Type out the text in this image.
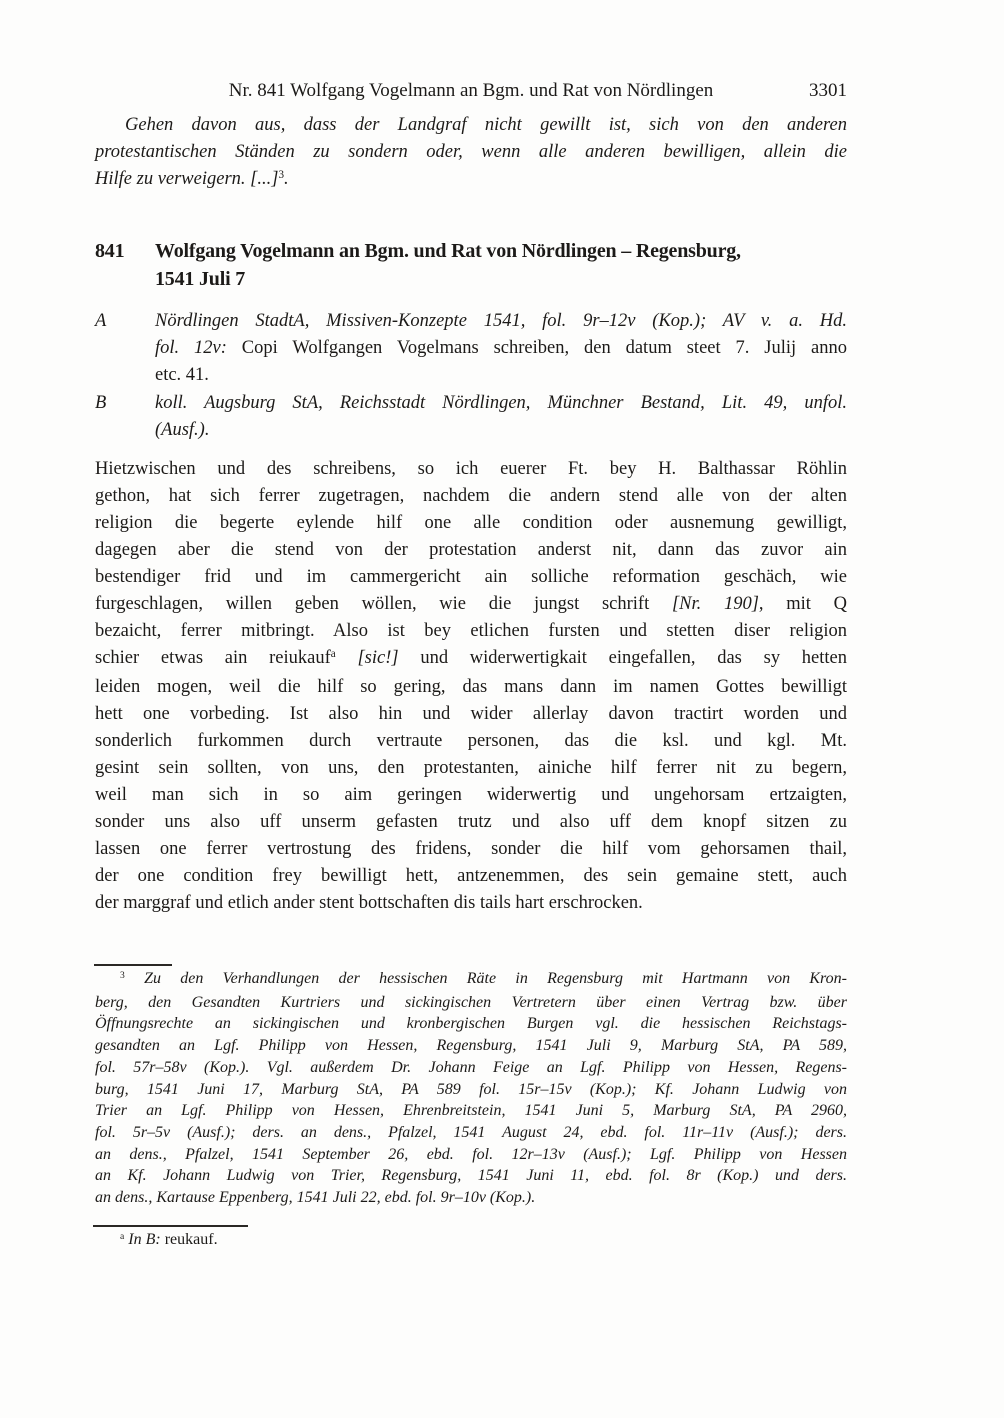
Nr. 841 Wolfgang Vogelmann an Bgm. und Rat von Nördlingen	3301
Gehen davon aus, dass der Landgraf nicht gewillt ist, sich von den anderen
protestantischen Ständen zu sondern oder, wenn alle anderen bewilligen, allein die
Hilfe zu verweigern. [...]$^3$.
841	Wolfgang Vogelmann an Bgm. und Rat von Nördlingen – Regensburg,
1541 Juli 7
A	Nördlingen StadtA, Missiven-Konzepte 1541, fol. 9r–12v (Kop.); AV v. a. Hd.
fol. 12v: Copi Wolfgangen Vogelmans schreiben, den datum steet 7. Julij anno
etc. 41.
B	koll. Augsburg StA, Reichsstadt Nördlingen, Münchner Bestand, Lit. 49, unfol.
(Ausf.).
Hietzwischen und des schreibens, so ich euerer Ft. bey H. Balthassar Röhlin
gethon, hat sich ferrer zugetragen, nachdem die andern stend alle von der alten
religion die begerte eylende hilf one alle condition oder ausnemung gewilligt,
dagegen aber die stend von der protestation anderst nit, dann das zuvor ain
bestendiger frid und im cammergericht ain solliche reformation geschäch, wie
furgeschlagen, willen geben wöllen, wie die jungst schrift [Nr. 190], mit Q
bezaicht, ferrer mitbringt. Also ist bey etlichen fursten und stetten diser religion
schier etwas ain reiukauf$^a$ [sic!] und widerwertigkait eingefallen, das sy hetten
leiden mogen, weil die hilf so gering, das mans dann im namen Gottes bewilligt
hett one vorbeding. Ist also hin und wider allerlay davon tractirt worden und
sonderlich furkommen durch vertraute personen, das die ksl. und kgl. Mt.
gesint sein sollten, von uns, den protestanten, ainiche hilf ferrer nit zu begern,
weil man sich in so aim geringen widerwertig und ungehorsam ertzaigten,
sonder uns also uff unserm gefasten trutz und also uff dem knopf sitzen zu
lassen one ferrer vertrostung des fridens, sonder die hilf vom gehorsamen thail,
der one condition frey bewilligt hett, antzenemmen, des sein gemaine stett, auch
der marggraf und etlich ander stent bottschaften dis tails hart erschrocken.
$^3$ Zu den Verhandlungen der hessischen Räte in Regensburg mit Hartmann von Kron-
berg, den Gesandten Kurtriers und sickingischen Vertretern über einen Vertrag bzw. über
Öffnungsrechte an sickingischen und kronbergischen Burgen vgl. die hessischen Reichstags-
gesandten an Lgf. Philipp von Hessen, Regensburg, 1541 Juli 9, Marburg StA, PA 589,
fol. 57r–58v (Kop.). Vgl. außerdem Dr. Johann Feige an Lgf. Philipp von Hessen, Regens-
burg, 1541 Juni 17, Marburg StA, PA 589 fol. 15r–15v (Kop.); Kf. Johann Ludwig von
Trier an Lgf. Philipp von Hessen, Ehrenbreitstein, 1541 Juni 5, Marburg StA, PA 2960,
fol. 5r–5v (Ausf.); ders. an dens., Pfalzel, 1541 August 24, ebd. fol. 11r–11v (Ausf.); ders.
an dens., Pfalzel, 1541 September 26, ebd. fol. 12r–13v (Ausf.); Lgf. Philipp von Hessen
an Kf. Johann Ludwig von Trier, Regensburg, 1541 Juni 11, ebd. fol. 8r (Kop.) und ders.
an dens., Kartause Eppenberg, 1541 Juli 22, ebd. fol. 9r–10v (Kop.).
$^a$ In B: reukauf.
